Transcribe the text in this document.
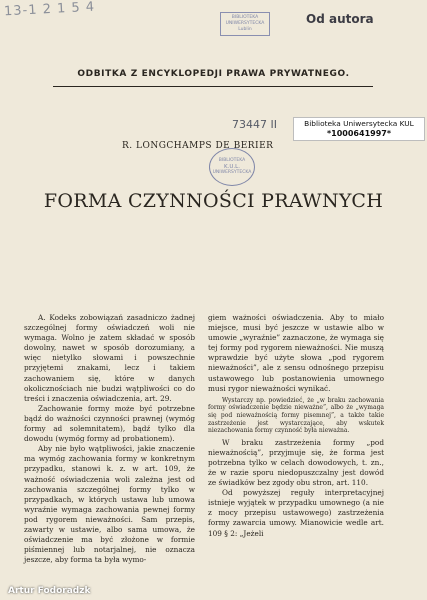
13-1 2 1 5 4	BIBLIOTEKA
UNIWERSYTECKA
Lublin
Od autora
ODBITKA Z ENCYKLOPEDJI PRAWA PRYWATNEGO.
73447 II	Biblioteka Uniwersytecka KUL
*1000641997*
R. LONGCHAMPS DE BERIER
BIBLIOTEKA
K.U.L.
UNIWERSYTECKA
FORMA CZYNNOŚCI PRAWNYCH

A. Kodeks zobowiązań zasadniczo żadnej szczególnej formy oświadczeń woli nie wymaga. Wolno je zatem składać w sposób dowolny, nawet w sposób dorozumiany, a więc nietylko słowami i powszechnie przyjętemi znakami, lecz i takiem zachowaniem się, które w danych okolicznościach nie budzi wątpliwości co do treści i znaczenia oświadczenia, art. 29.

Zachowanie formy może być potrzebne bądź do ważności czynności prawnej (wymóg formy ad solemnitatem), bądź tylko dla dowodu (wymóg formy ad probationem).

Aby nie było wątpliwości, jakie znaczenie ma wymóg zachowania formy w konkretnym przypadku, stanowi k. z. w art. 109, że ważność oświadczenia woli zależna jest od zachowania szczególnej formy tylko w przypadkach, w których ustawa lub umowa wyraźnie wymaga zachowania pewnej formy pod rygorem nieważności. Sam przepis, zawarty w ustawie, albo sama umowa, że oświadczenie ma być złożone w formie piśmiennej lub notarjalnej, nie oznacza jeszcze, aby forma ta była wymo-

giem ważności oświadczenia. Aby to miało miejsce, musi być jeszcze w ustawie albo w umowie „wyraźnie” zaznaczone, że wymaga się tej formy pod rygorem nieważności. Nie muszą wprawdzie być użyte słowa „pod rygorem nieważności”, ale z sensu odnośnego przepisu ustawowego lub postanowienia umownego musi rygor nieważności wynikać.

Wystarczy np. powiedzieć, że „w braku zachowania formy oświadczenie będzie nieważne”, albo że „wymaga się pod nieważnością formy pisemnej”, a także takie zastrzeżenie jest wystarczające, aby wskutek niezachowania formy czynność była nieważna.

W braku zastrzeżenia formy „pod nieważnością”, przyjmuje się, że forma jest potrzebna tylko w celach dowodowych, t. zn., że w razie sporu niedopuszczalny jest dowód ze świadków bez zgody obu stron, art. 110.

Od powyższej reguły interpretacyjnej istnieje wyjątek w przypadku umownego (a nie z mocy przepisu ustawowego) zastrzeżenia formy zawarcia umowy. Mianowicie wedle art. 109 § 2: „Jeżeli

Artur Fodoradzk
